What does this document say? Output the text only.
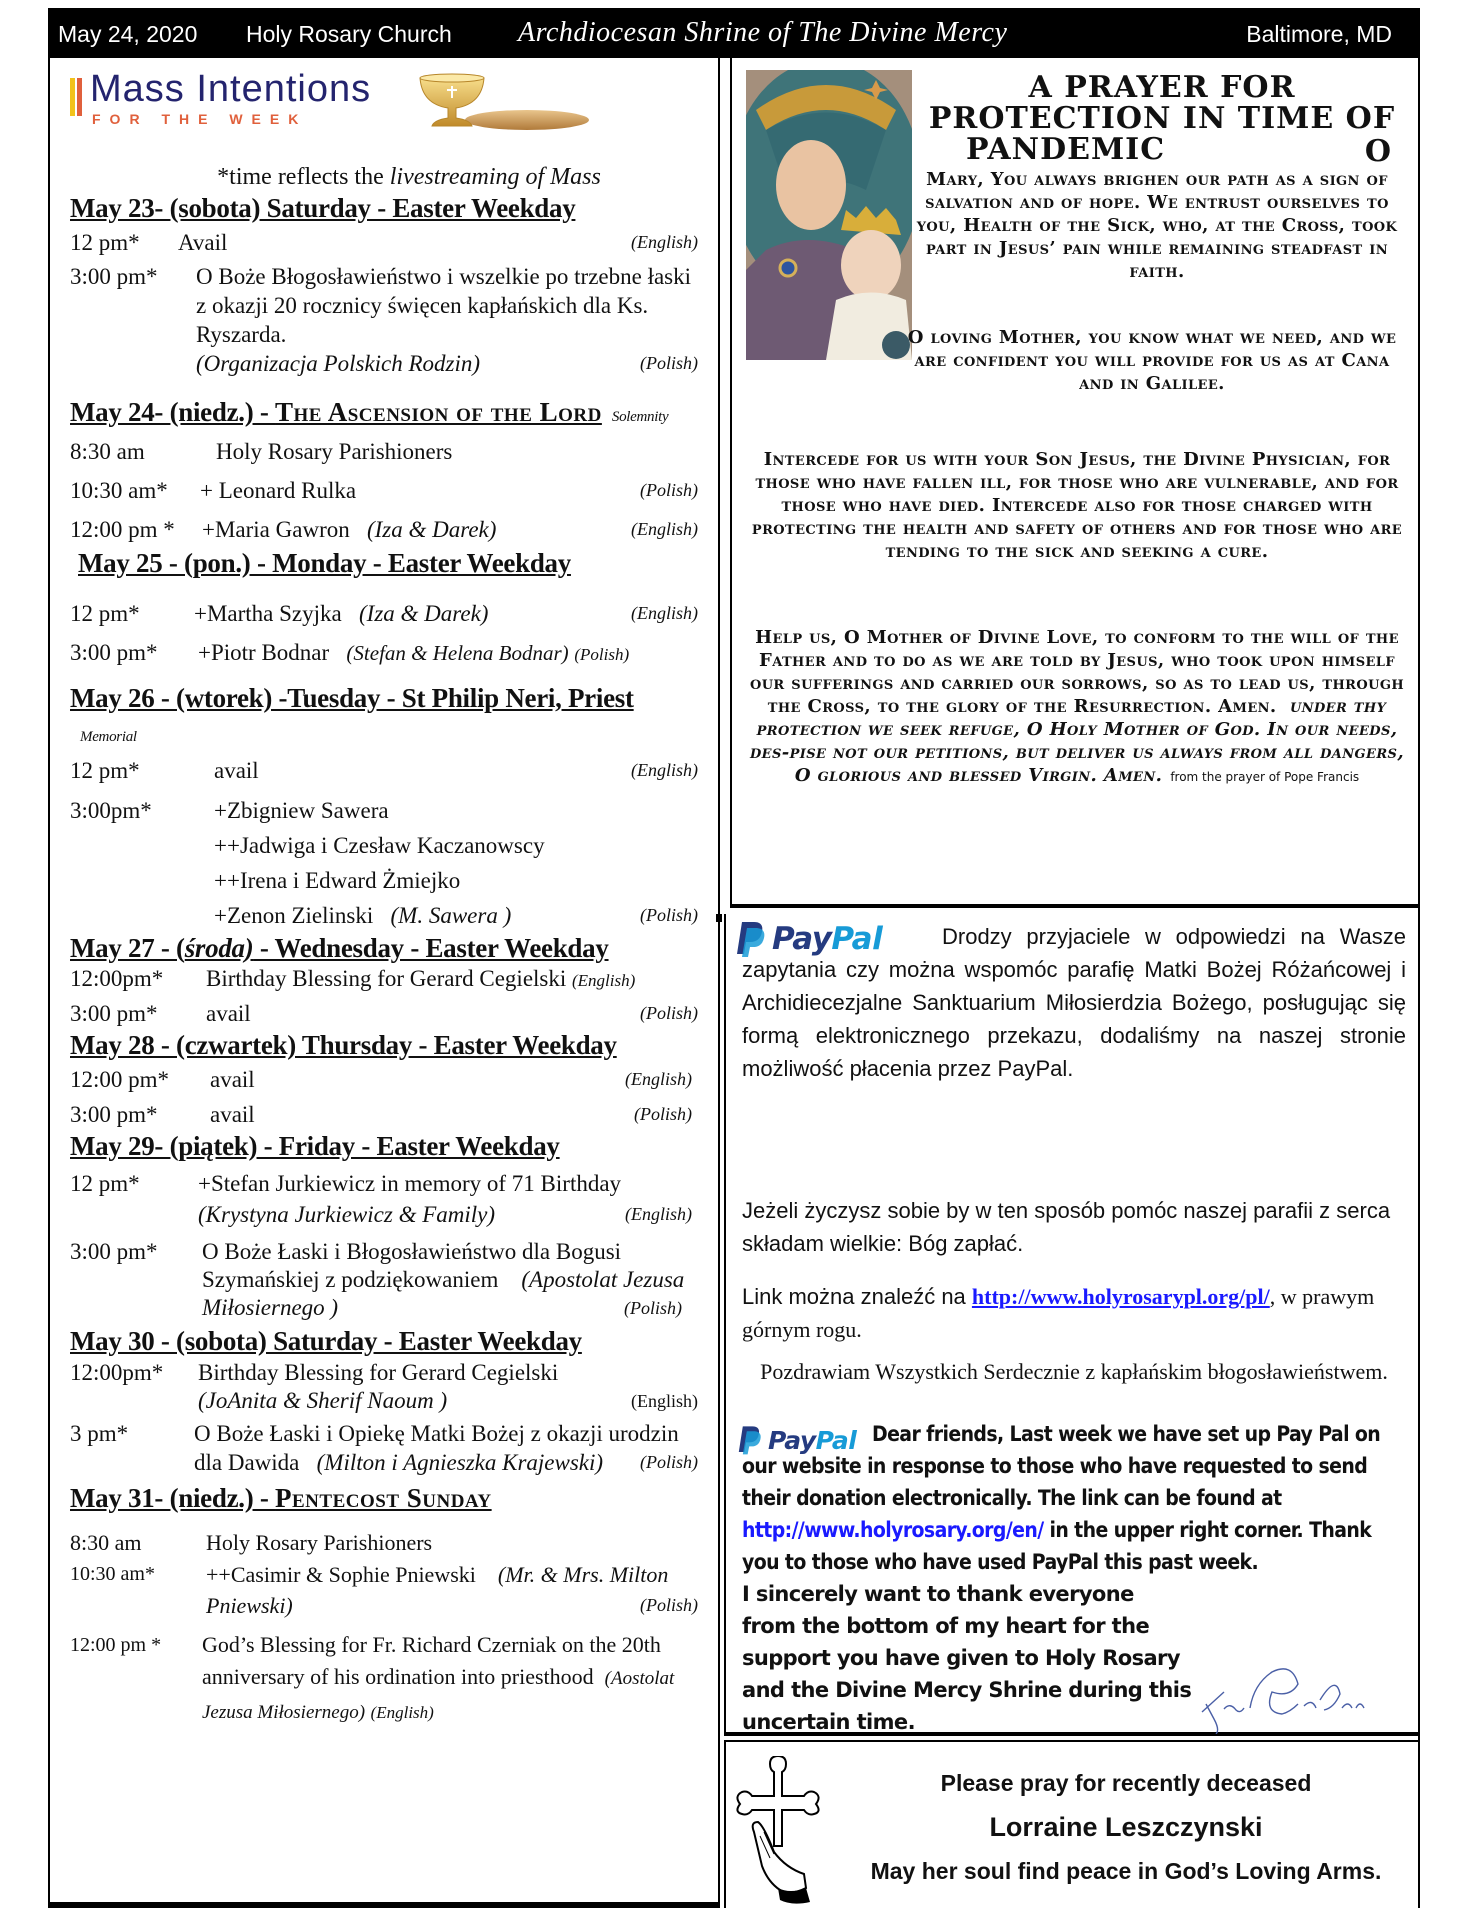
May 24, 2020 Holy Rosary Church Archdiocesan Shrine of The Divine Mercy	Baltimore, MD
Mass Intentions
FOR THE WEEK
*time reflects the livestreaming of Mass
May 23- (sobota) Saturday - Easter Weekday
12 pm* Avail	(English)
3:00 pm* O Boże Błogosławieństwo i wszelkie po trzebne łaski z okazji 20 rocznicy święcen kapłańskich dla Ks. Ryszarda.
(Organizacja Polskich Rodzin)	(Polish)
May 24- (niedz.) - The Ascension of the Lord Solemnity
8:30 am	Holy Rosary Parishioners
10:30 am* + Leonard Rulka	(Polish)
12:00 pm * +Maria Gawron (Iza & Darek)	(English)
May 25 - (pon.) - Monday - Easter Weekday
12 pm* +Martha Szyjka (Iza & Darek)	(English)
3:00 pm* +Piotr Bodnar (Stefan & Helena Bodnar) (Polish)
May 26 - (wtorek) -Tuesday - St Philip Neri, PriestMemorial
12 pm*	avail	(English)
3:00pm*	+Zbigniew Sawera
++Jadwiga i Czesław Kaczanowscy
++Irena i Edward Żmiejko
+Zenon Zielinski (M. Sawera )	(Polish)
May 27 - (środa) - Wednesday - Easter Weekday
12:00pm* Birthday Blessing for Gerard Cegielski (English)
3:00 pm* avail	(Polish)
May 28 - (czwartek) Thursday - Easter Weekday
12:00 pm* avail	(English)
3:00 pm* avail	(Polish)
May 29- (piątek) - Friday - Easter Weekday
12 pm*	+Stefan Jurkiewicz in memory of 71 Birthday
(Krystyna Jurkiewicz & Family)	(English)
3:00 pm* O Boże Łaski i Błogosławieństwo dla Bogusi Szymańskiej z podziękowaniem (Apostolat Jezusa Miłosiernego )	(Polish)
May 30 - (sobota) Saturday - Easter Weekday
12:00pm* Birthday Blessing for Gerard Cegielski
(JoAnita & Sherif Naoum )	(English)
3 pm*	O Boże Łaski i Opiekę Matki Bożej z okazji urodzin dla Dawida (Milton i Agnieszka Krajewski) (Polish)
May 31- (niedz.) - Pentecost Sunday
8:30 am	Holy Rosary Parishioners
10:30 am* ++Casimir & Sophie Pniewski (Mr. & Mrs. Milton Pniewski)	(Polish)
12:00 pm * God’s Blessing for Fr. Richard Czerniak on the 20th anniversary of his ordination into priesthood (Aostolat Jezusa Miłosiernego) (English)
A PRAYER FOR
PROTECTION IN TIME OF
PANDEMIC	O
Mary, You always brighen our path as a sign of salvation and of hope. We entrust ourselves to you, Health of the Sick, who, at the Cross, took part in Jesus’ pain while remaining steadfast in faith.
O loving Mother, you know what we need, and we are confident you will provide for us as at Cana and in Galilee.
Intercede for us with your Son Jesus, the Divine Physician, for those who have fallen ill, for those who are vulnerable, and for those who have died. Intercede also for those charged with protecting the health and safety of others and for those who are tending to the sick and seeking a cure.
Help us, O Mother of Divine Love, to conform to the will of the Father and to do as we are told by Jesus, who took upon himself our sufferings and carried our sorrows, so as to lead us, through the Cross, to the glory of the Resurrection. Amen. under thy protection we seek refuge, O Holy Mother of God. In our needs, des-pise not our petitions, but deliver us always from all dangers, O glorious and blessed Virgin. Amen. from the prayer of Pope Francis
PayPal	Drodzy przyjaciele w odpowiedzi na Wasze zapytania czy można wspomóc parafię Matki Bożej Różańcowej i Archidiecezjalne Sanktuarium Miłosierdzia Bożego, posługując się formą elektronicznego przekazu, dodaliśmy na naszej stronie możliwość płacenia przez PayPal.
Jeżeli życzysz sobie by w ten sposób pomóc naszej parafii z serca składam wielkie: Bóg zapłać.
Link można znaleźć na http://www.holyrosarypl.org/pl/, w prawym górnym rogu.
Pozdrawiam Wszystkich Serdecznie z kapłańskim błogosławieństwem.
PayPal Dear friends, Last week we have set up Pay Pal on our website in response to those who have requested to send their donation electronically. The link can be found at http://www.holyrosary.org/en/ in the upper right corner. Thank you to those who have used PayPal this past week.
I sincerely want to thank everyone from the bottom of my heart for the support you have given to Holy Rosary and the Divine Mercy Shrine during this uncertain time.
Please pray for recently deceased
Lorraine Leszczynski
May her soul find peace in God’s Loving Arms.
